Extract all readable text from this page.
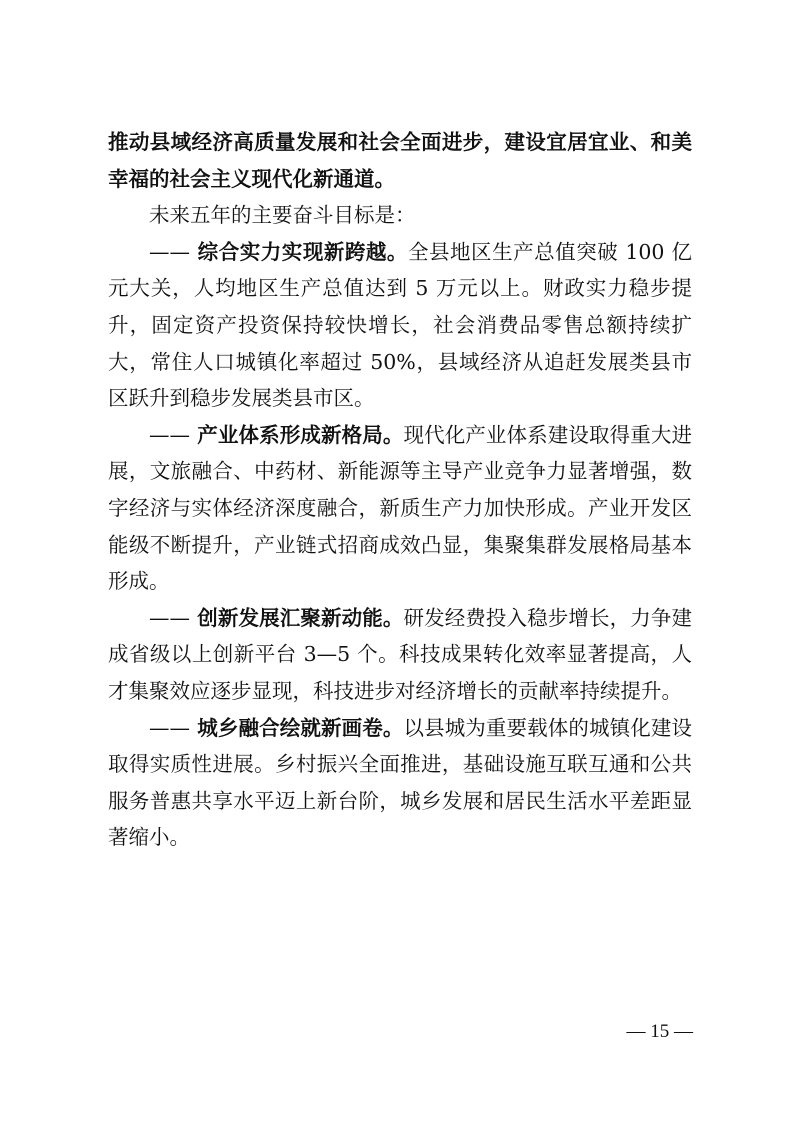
推动县域经济高质量发展和社会全面进步，建设宜居宜业、和美幸福的社会主义现代化新通道。

未来五年的主要奋斗目标是：

—— 综合实力实现新跨越。全县地区生产总值突破 100 亿元大关，人均地区生产总值达到 5 万元以上。财政实力稳步提升，固定资产投资保持较快增长，社会消费品零售总额持续扩大，常住人口城镇化率超过 50%，县域经济从追赶发展类县市区跃升到稳步发展类县市区。

—— 产业体系形成新格局。现代化产业体系建设取得重大进展，文旅融合、中药材、新能源等主导产业竞争力显著增强，数字经济与实体经济深度融合，新质生产力加快形成。产业开发区能级不断提升，产业链式招商成效凸显，集聚集群发展格局基本形成。

—— 创新发展汇聚新动能。研发经费投入稳步增长，力争建成省级以上创新平台 3—5 个。科技成果转化效率显著提高，人才集聚效应逐步显现，科技进步对经济增长的贡献率持续提升。

—— 城乡融合绘就新画卷。以县城为重要载体的城镇化建设取得实质性进展。乡村振兴全面推进，基础设施互联互通和公共服务普惠共享水平迈上新台阶，城乡发展和居民生活水平差距显著缩小。

— 15 —
